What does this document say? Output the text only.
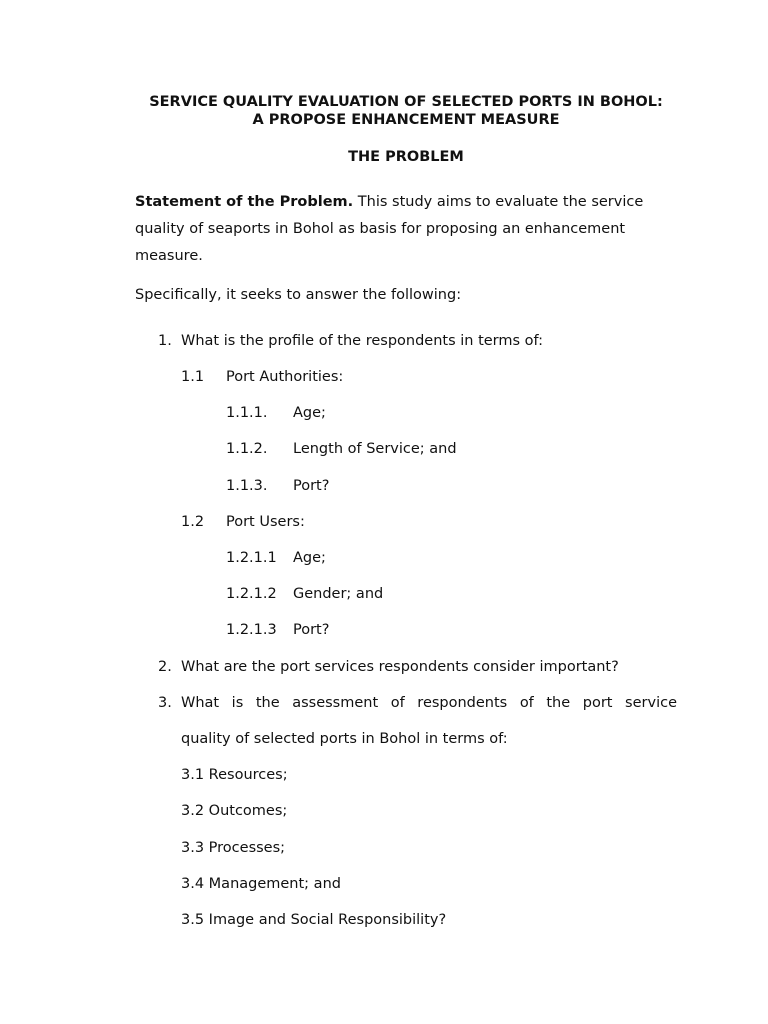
SERVICE QUALITY EVALUATION OF SELECTED PORTS IN BOHOL:
A PROPOSE ENHANCEMENT MEASURE
THE PROBLEM

Statement of the Problem. This study aims to evaluate the service quality of seaports in Bohol as basis for proposing an enhancement measure.

Specifically, it seeks to answer the following:
1. What is the profile of the respondents in terms of:
1.1 Port Authorities:
1.1.1. Age;
1.1.2. Length of Service; and
1.1.3. Port?
1.2 Port Users:
1.2.1.1 Age;
1.2.1.2 Gender; and
1.2.1.3 Port?
2. What are the port services respondents consider important?
3. What is the assessment of respondents of the port service
quality of selected ports in Bohol in terms of:
3.1 Resources;
3.2 Outcomes;
3.3 Processes;
3.4 Management; and
3.5 Image and Social Responsibility?
